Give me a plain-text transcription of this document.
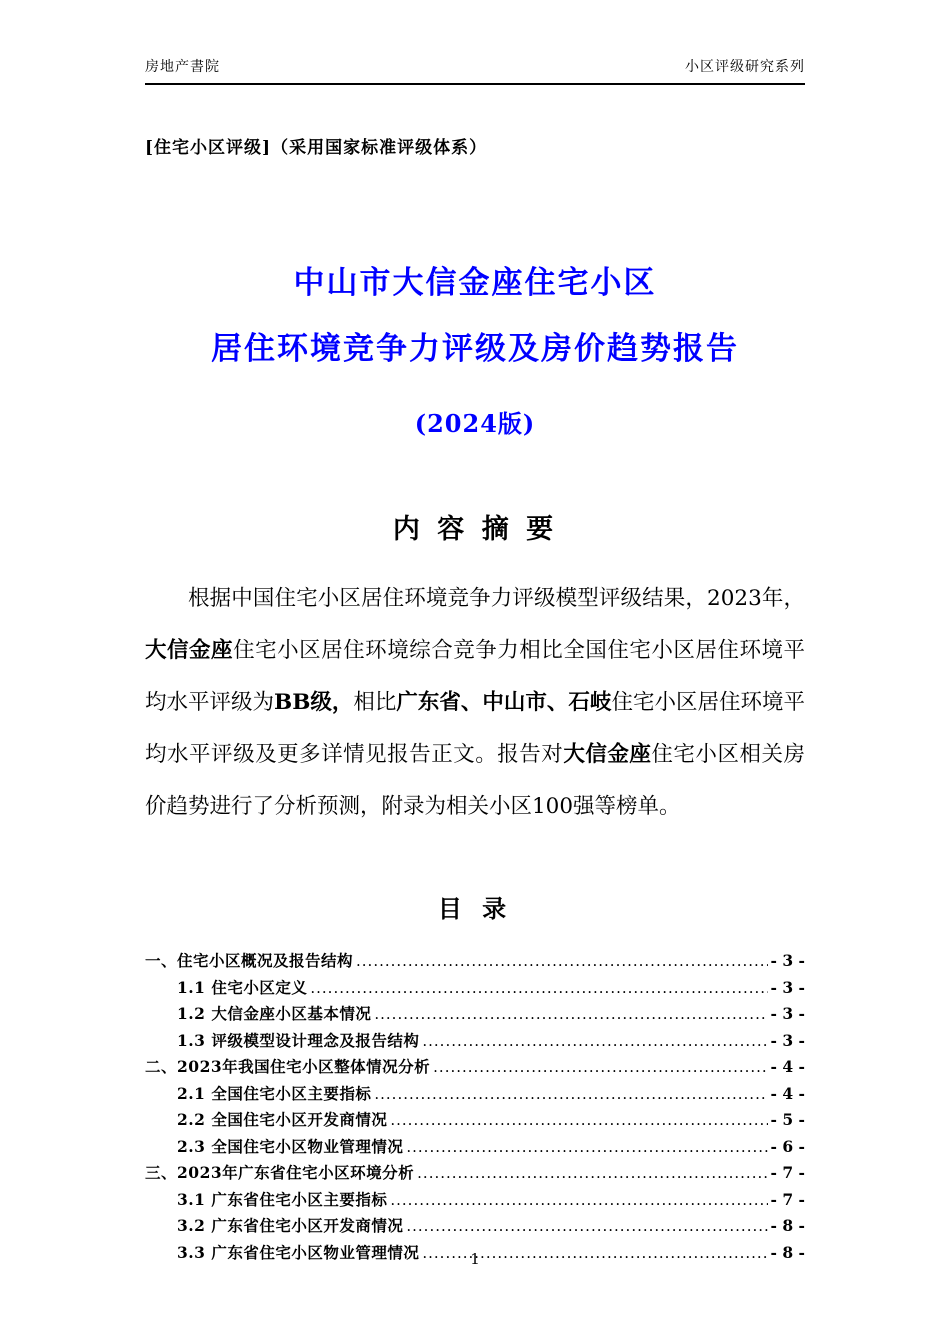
房地产書院	小区评级研究系列
[住宅小区评级]（采用国家标准评级体系）
中山市大信金座住宅小区
居住环境竞争力评级及房价趋势报告
(2024版)
内 容 摘 要

根据中国住宅小区居住环境竞争力评级模型评级结果，2023年，大信金座住宅小区居住环境综合竞争力相比全国住宅小区居住环境平均水平评级为BB级，相比广东省、中山市、石岐住宅小区居住环境平均水平评级及更多详情见报告正文。报告对大信金座住宅小区相关房价趋势进行了分析预测，附录为相关小区100强等榜单。

目 录
一、住宅小区概况及报告结构 .....	- 3 -
1.1 住宅小区定义 .....	- 3 -
1.2 大信金座小区基本情况 .....	- 3 -
1.3 评级模型设计理念及报告结构 .....	- 3 -
二、2023年我国住宅小区整体情况分析 .....	- 4 -
2.1 全国住宅小区主要指标 .....	- 4 -
2.2 全国住宅小区开发商情况 .....	- 5 -
2.3 全国住宅小区物业管理情况 .....	- 6 -
三、2023年广东省住宅小区环境分析 .....	- 7 -
3.1 广东省住宅小区主要指标 .....	- 7 -
3.2 广东省住宅小区开发商情况 .....	- 8 -
3.3 广东省住宅小区物业管理情况 .....	- 8 -
1
